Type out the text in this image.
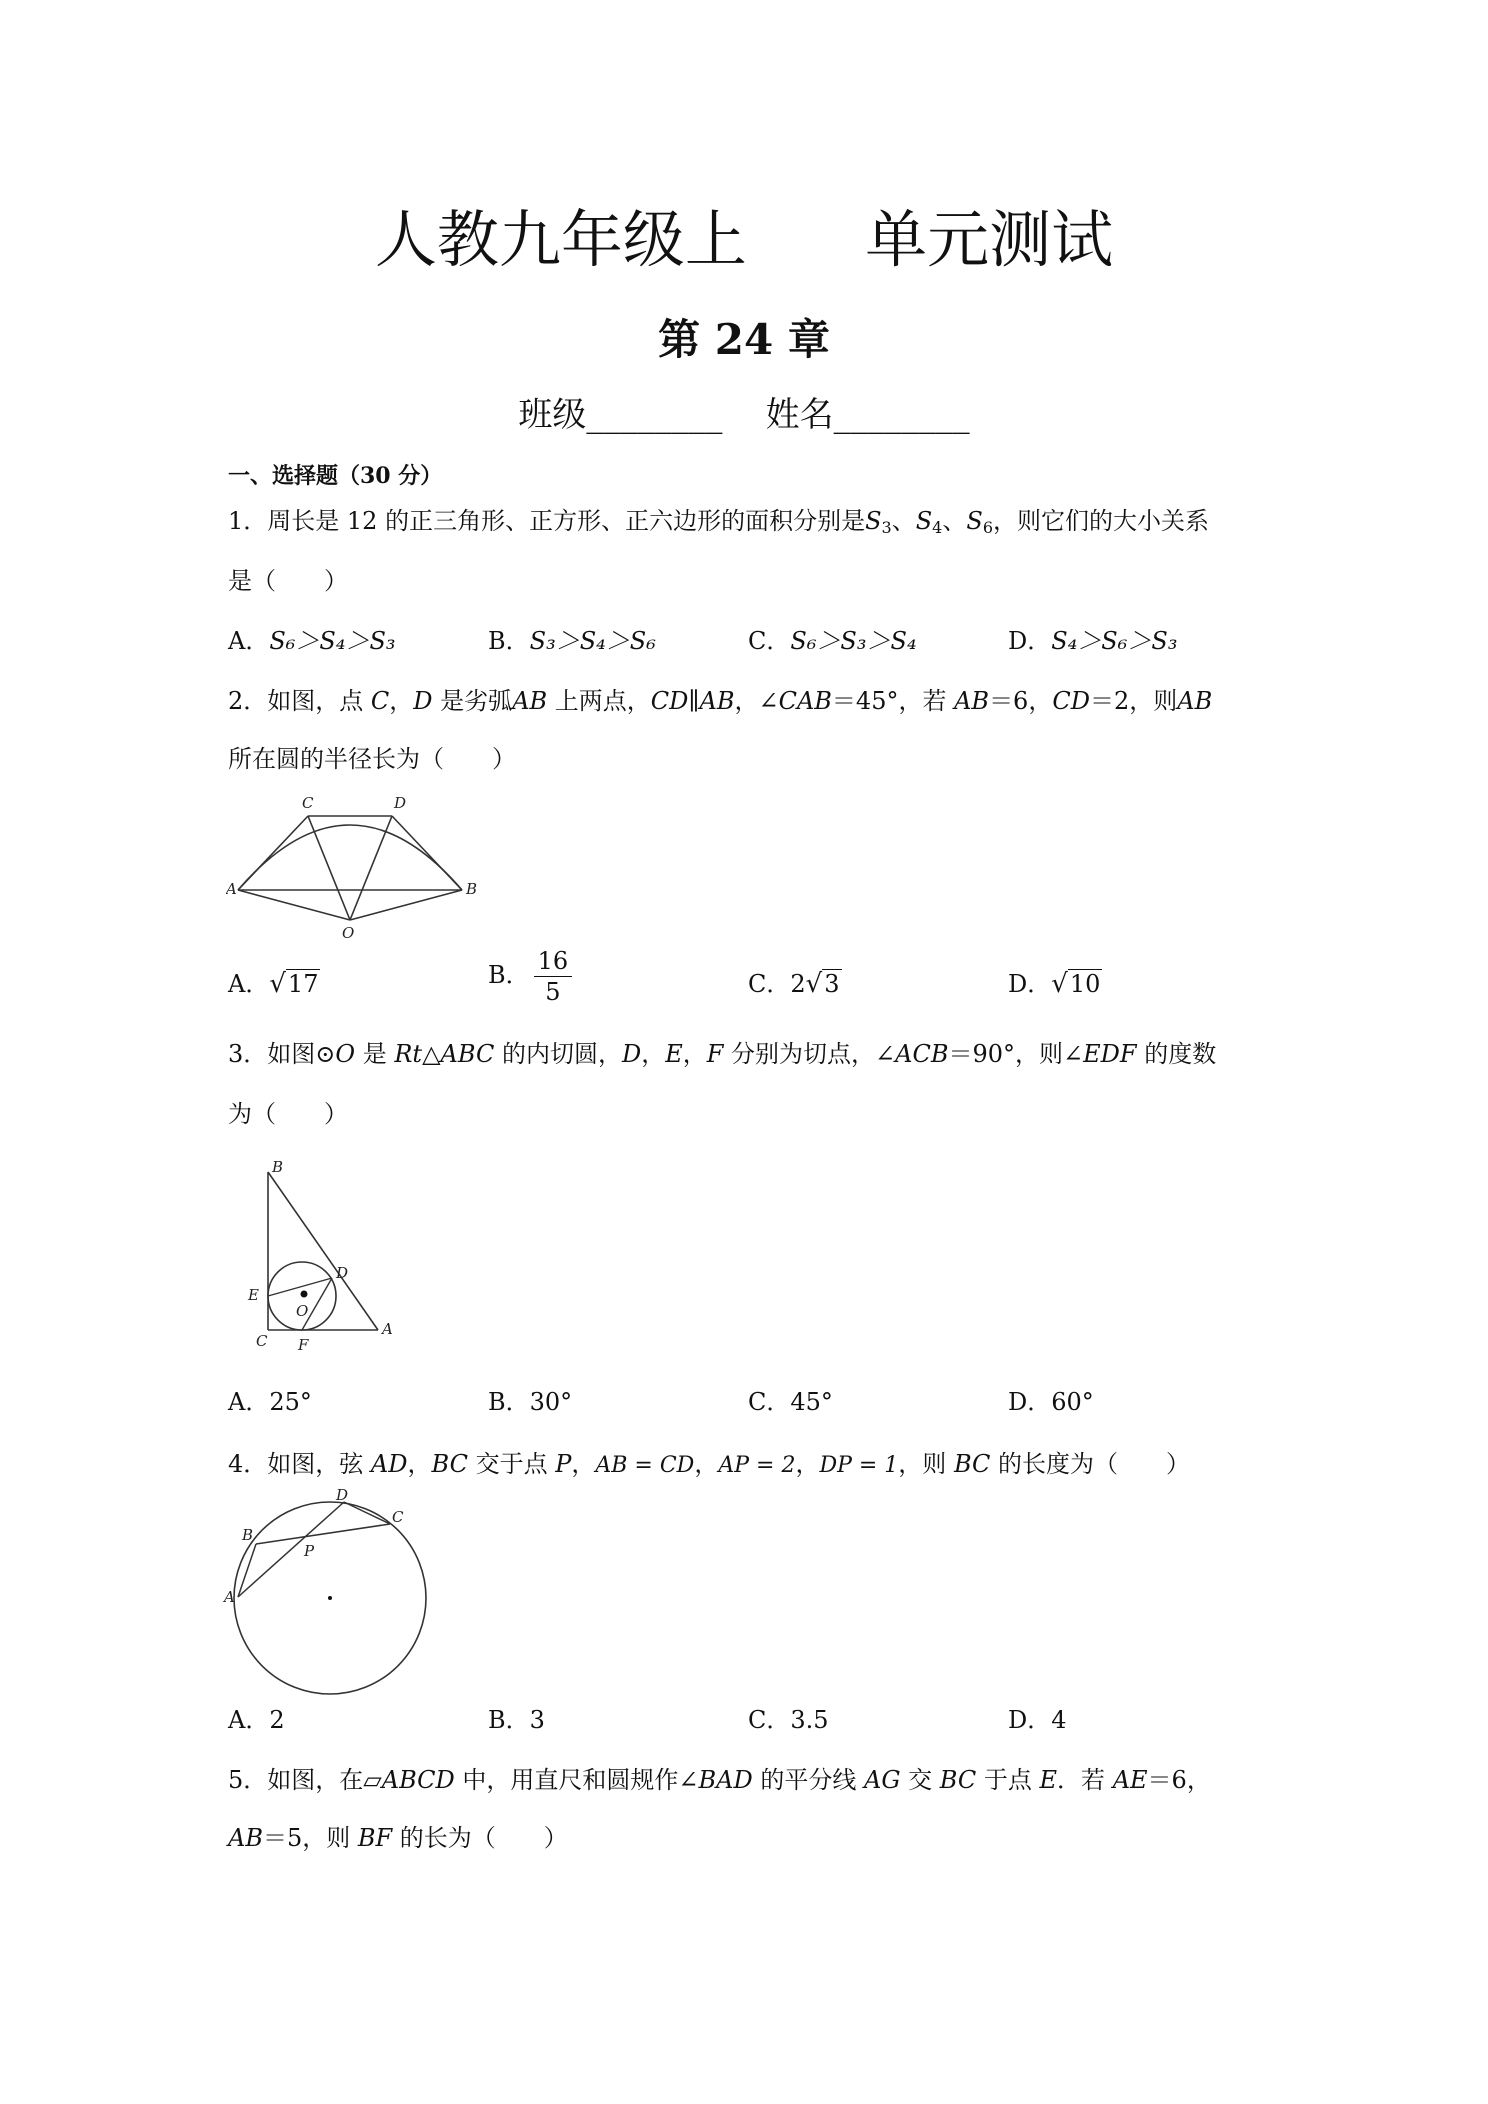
人教九年级上 单元测试
第 24 章
班级________ 姓名________
一、选择题（30 分）
1．周长是 12 的正三角形、正方形、正六边形的面积分别是$S_3$、$S_4$、$S_6$，则它们的大小关系
是（　　）
A．S₆＞S₄＞S₃	B．S₃＞S₄＞S₆	C．S₆＞S₃＞S₄	D．S₄＞S₆＞S₃
2．如图，点 C，D 是劣弧AB 上两点，CD∥AB，∠CAB＝45°，若 AB＝6，CD＝2，则AB
所在圆的半径长为（　　）
C	D
A	B
O
A．√17	B． $\frac{16}{5}$	C．2√3	D．√10
3．如图⊙O 是 Rt△ABC 的内切圆，D，E，F 分别为切点，∠ACB＝90°，则∠EDF 的度数
为（　　）
B
D
E
O
C F
A
A．25°	B．30°	C．45°	D．60°
4．如图，弦 AD，BC 交于点 P，AB = CD，AP = 2，DP = 1，则 BC 的长度为（　　）
D
B
C
P
A
A．2	B．3	C．3.5	D．4
5．如图，在▱ABCD 中，用直尺和圆规作∠BAD 的平分线 AG 交 BC 于点 E．若 AE＝6，
AB＝5，则 BF 的长为（　　）
